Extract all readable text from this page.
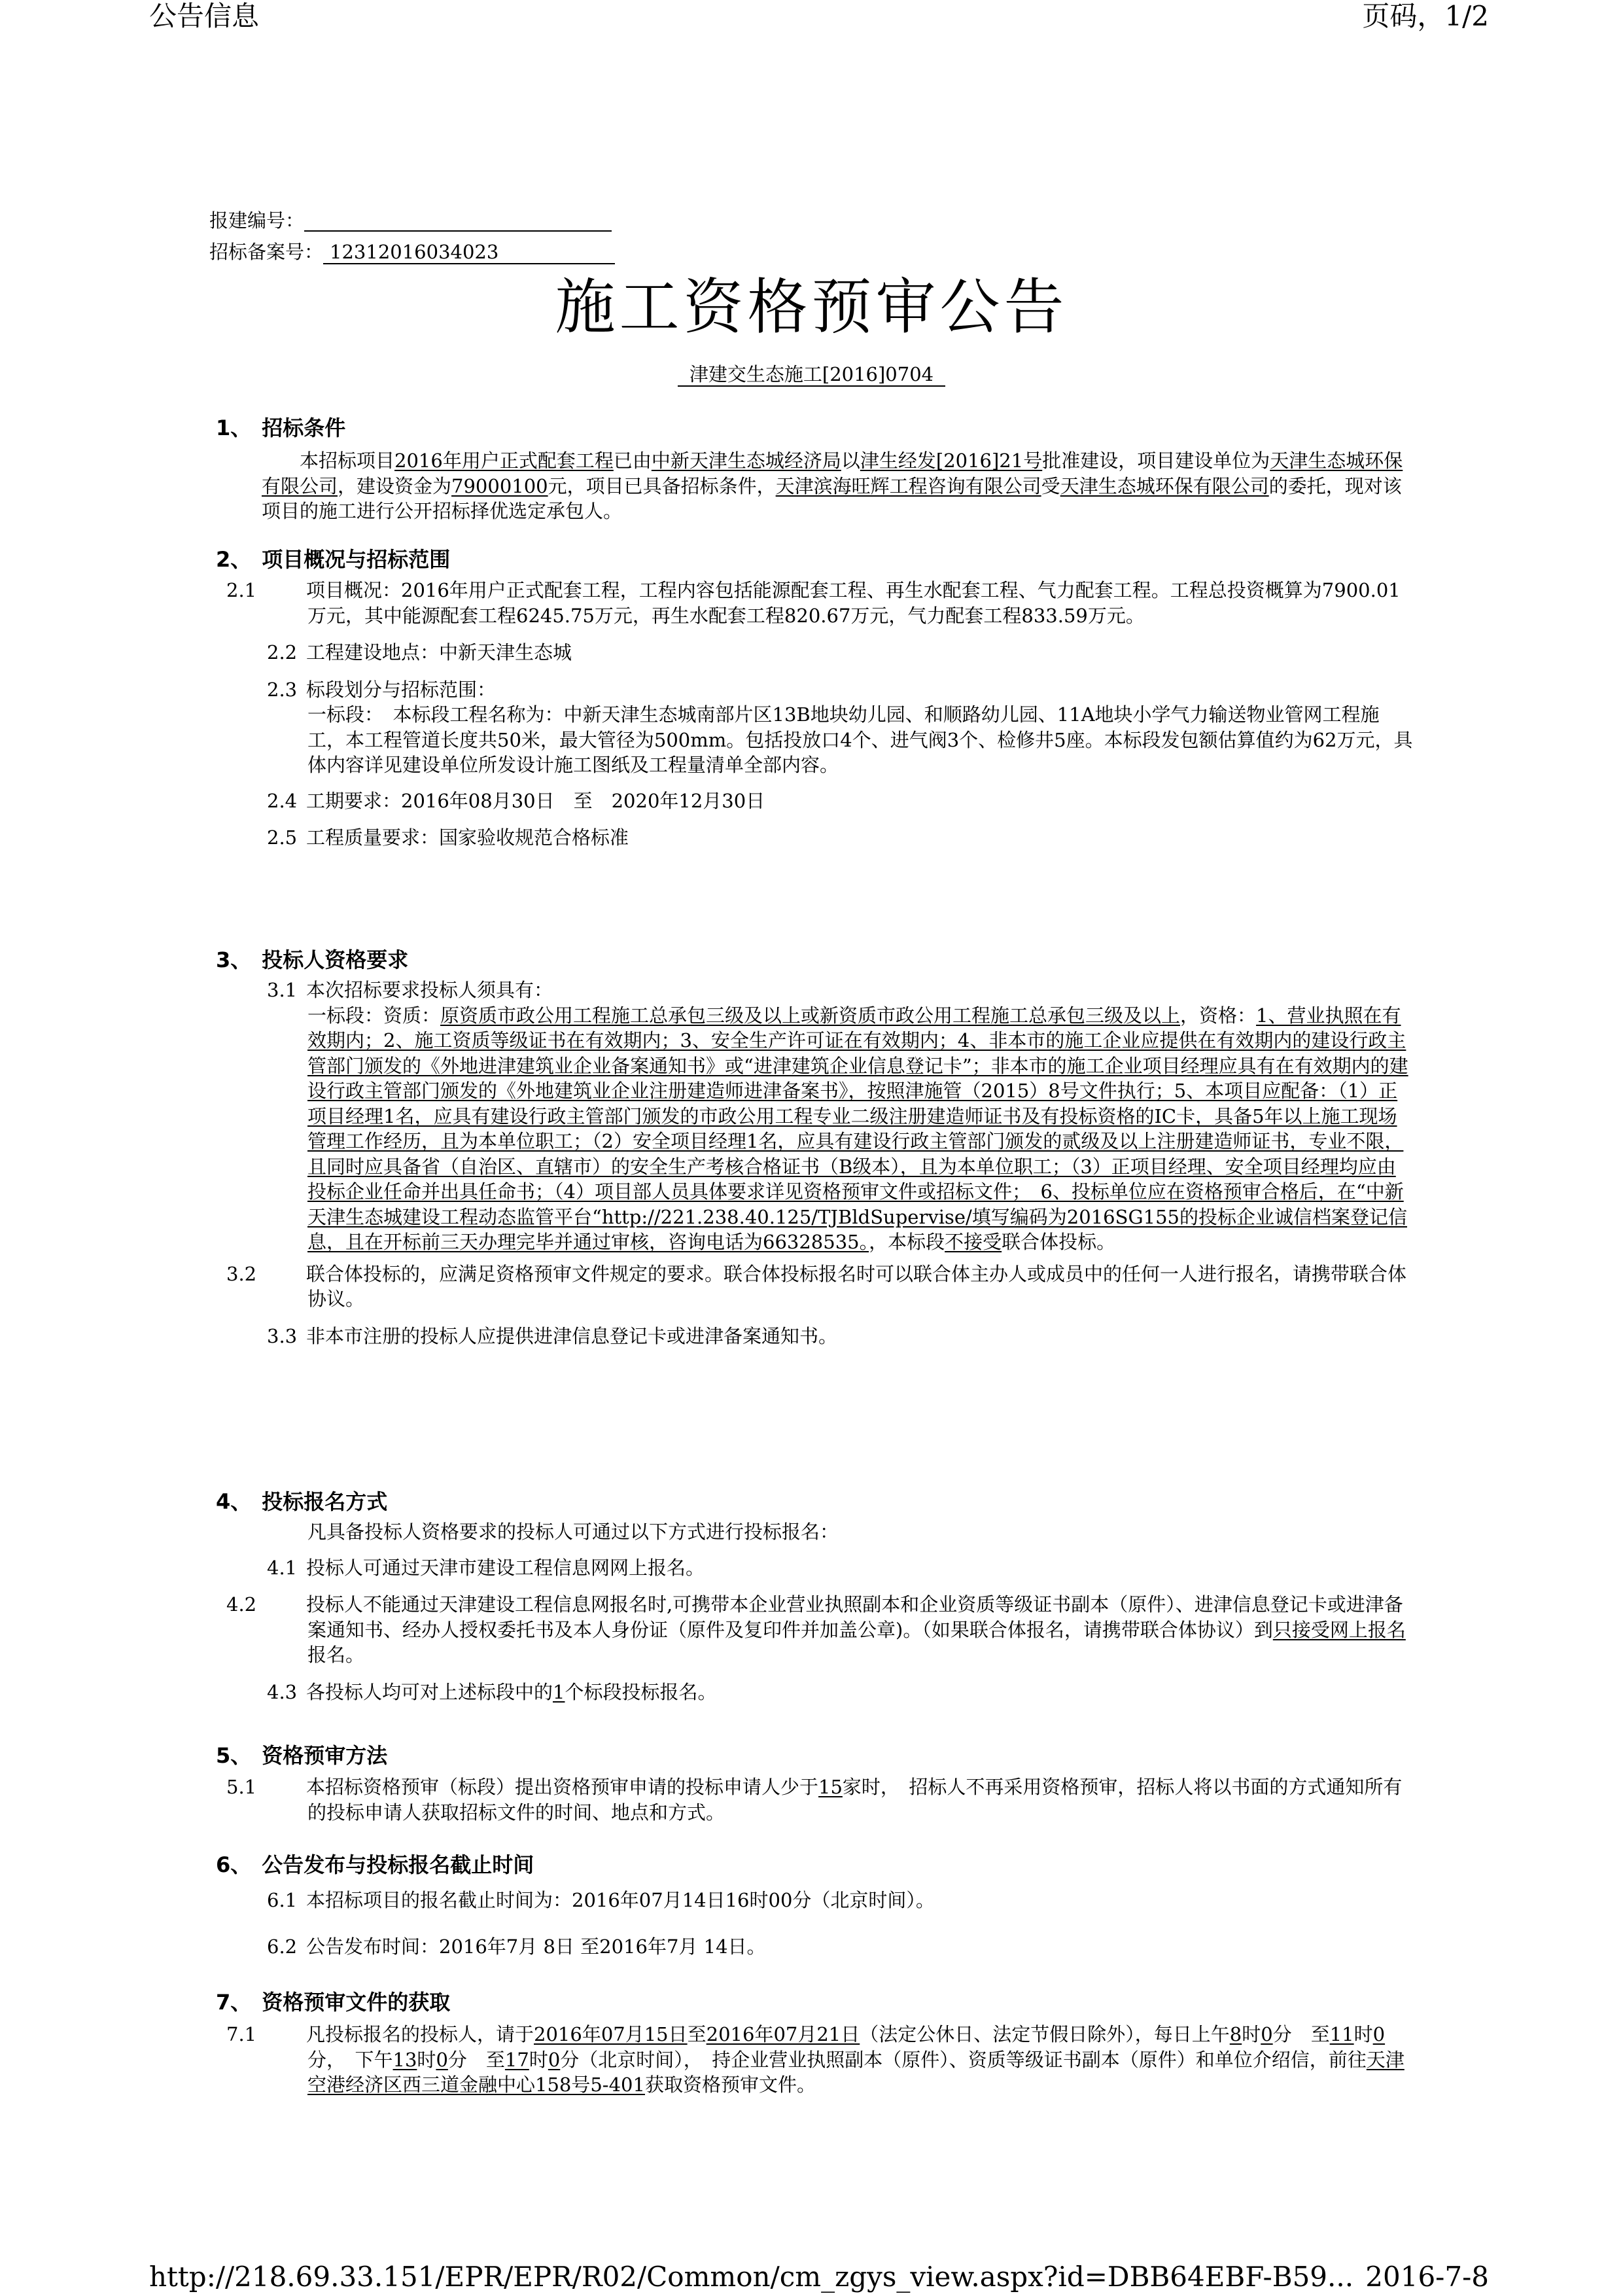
公告信息	页码，1/2
报建编号：
招标备案号： 12312016034023
施工资格预审公告
津建交生态施工[2016]0704
1、　招标条件

本招标项目2016年用户正式配套工程已由中新天津生态城经济局以津生经发[2016]21号批准建设，项目建设单位为天津生态城环保有限公司，建设资金为79000100元，项目已具备招标条件，天津滨海旺辉工程咨询有限公司受天津生态城环保有限公司的委托，现对该项目的施工进行公开招标择优选定承包人。

2、　项目概况与招标范围

2.1	项目概况：2016年用户正式配套工程，工程内容包括能源配套工程、再生水配套工程、气力配套工程。工程总投资概算为7900.01万元，其中能源配套工程6245.75万元，再生水配套工程820.67万元，气力配套工程833.59万元。

2.2 工程建设地点：中新天津生态城

2.3 标段划分与招标范围：

一标段：　本标段工程名称为：中新天津生态城南部片区13B地块幼儿园、和顺路幼儿园、11A地块小学气力输送物业管网工程施工，本工程管道长度共50米，最大管径为500mm。包括投放口4个、进气阀3个、检修井5座。本标段发包额估算值约为62万元，具体内容详见建设单位所发设计施工图纸及工程量清单全部内容。

2.4 工期要求：2016年08月30日　至　2020年12月30日

2.5 工程质量要求：国家验收规范合格标准

3、　投标人资格要求

3.1 本次招标要求投标人须具有：

一标段：资质：原资质市政公用工程施工总承包三级及以上或新资质市政公用工程施工总承包三级及以上，资格：1、营业执照在有效期内；2、施工资质等级证书在有效期内；3、安全生产许可证在有效期内；4、非本市的施工企业应提供在有效期内的建设行政主管部门颁发的《外地进津建筑业企业备案通知书》或“进津建筑企业信息登记卡”；非本市的施工企业项目经理应具有在有效期内的建设行政主管部门颁发的《外地建筑业企业注册建造师进津备案书》，按照津施管（2015）8号文件执行；5、本项目应配备：（1）正项目经理1名，应具有建设行政主管部门颁发的市政公用工程专业二级注册建造师证书及有投标资格的IC卡，具备5年以上施工现场管理工作经历，且为本单位职工；（2）安全项目经理1名，应具有建设行政主管部门颁发的贰级及以上注册建造师证书，专业不限，且同时应具备省（自治区、直辖市）的安全生产考核合格证书（B级本），且为本单位职工；（3）正项目经理、安全项目经理均应由投标企业任命并出具任命书；（4）项目部人员具体要求详见资格预审文件或招标文件；　6、投标单位应在资格预审合格后，在“中新天津生态城建设工程动态监管平台“http://221.238.40.125/TJBldSupervise/填写编码为2016SG155的投标企业诚信档案登记信息，且在开标前三天办理完毕并通过审核，咨询电话为66328535。，本标段不接受联合体投标。

3.2	联合体投标的，应满足资格预审文件规定的要求。联合体投标报名时可以联合体主办人或成员中的任何一人进行报名，请携带联合体协议。

3.3 非本市注册的投标人应提供进津信息登记卡或进津备案通知书。

4、　投标报名方式

凡具备投标人资格要求的投标人可通过以下方式进行投标报名：

4.1 投标人可通过天津市建设工程信息网网上报名。

4.2	投标人不能通过天津建设工程信息网报名时,可携带本企业营业执照副本和企业资质等级证书副本（原件）、进津信息登记卡或进津备案通知书、经办人授权委托书及本人身份证（原件及复印件并加盖公章)。（如果联合体报名，请携带联合体协议）到只接受网上报名报名。

4.3 各投标人均可对上述标段中的1个标段投标报名。

5、　资格预审方法

5.1	本招标资格预审（标段）提出资格预审申请的投标申请人少于15家时，　招标人不再采用资格预审，招标人将以书面的方式通知所有的投标申请人获取招标文件的时间、地点和方式。

6、　公告发布与投标报名截止时间

6.1 本招标项目的报名截止时间为：2016年07月14日16时00分（北京时间）。

6.2 公告发布时间：2016年7月 8日 至2016年7月 14日。

7、　资格预审文件的获取

7.1	凡投标报名的投标人，请于2016年07月15日至2016年07月21日（法定公休日、法定节假日除外），每日上午8时0分　至11时0分，　下午13时0分　至17时0分（北京时间），　持企业营业执照副本（原件）、资质等级证书副本（原件）和单位介绍信，前往天津空港经济区西三道金融中心158号5-401获取资格预审文件。

http://218.69.33.151/EPR/EPR/R02/Common/cm_zgys_view.aspx?id=DBB64EBF-B59... 2016-7-8
